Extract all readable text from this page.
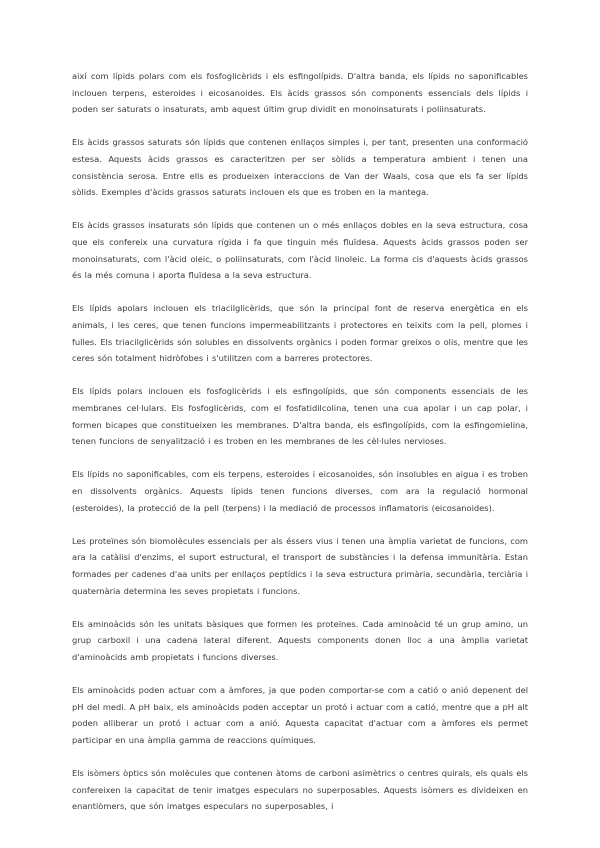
així com lípids polars com els fosfoglicèrids i els esfingolípids. D'altra banda, els lípids no saponificables inclouen terpens, esteroides i eicosanoides. Els àcids grassos són components essencials dels lípids i poden ser saturats o insaturats, amb aquest últim grup dividit en monoinsaturats i poliinsaturats.

Els àcids grassos saturats són lípids que contenen enllaços simples i, per tant, presenten una conformació estesa. Aquests àcids grassos es caracteritzen per ser sòlids a temperatura ambient i tenen una consistència serosa. Entre ells es produeixen interaccions de Van der Waals, cosa que els fa ser lípids sòlids. Exemples d'àcids grassos saturats inclouen els que es troben en la mantega.

Els àcids grassos insaturats són lípids que contenen un o més enllaços dobles en la seva estructura, cosa que els confereix una curvatura rígida i fa que tinguin més fluïdesa. Aquests àcids grassos poden ser monoinsaturats, com l'àcid oleic, o poliinsaturats, com l'àcid linoleic. La forma cis d'aquests àcids grassos és la més comuna i aporta fluïdesa a la seva estructura.

Els lípids apolars inclouen els triacilglicèrids, que són la principal font de reserva energètica en els animals, i les ceres, que tenen funcions impermeabilitzants i protectores en teixits com la pell, plomes i fulles. Els triacilglicèrids són solubles en dissolvents orgànics i poden formar greixos o olis, mentre que les ceres són totalment hidròfobes i s'utilitzen com a barreres protectores.

Els lípids polars inclouen els fosfoglicèrids i els esfingolípids, que són components essencials de les membranes cel·lulars. Els fosfoglicèrids, com el fosfatidilcolina, tenen una cua apolar i un cap polar, i formen bicapes que constitueixen les membranes. D'altra banda, els esfingolípids, com la esfingomielina, tenen funcions de senyalització i es troben en les membranes de les cèl·lules nervioses.

Els lípids no saponificables, com els terpens, esteroides i eicosanoides, són insolubles en aigua i es troben en dissolvents orgànics. Aquests lípids tenen funcions diverses, com ara la regulació hormonal (esteroides), la protecció de la pell (terpens) i la mediació de processos inflamatoris (eicosanoides).

Les proteïnes són biomolècules essencials per als éssers vius i tenen una àmplia varietat de funcions, com ara la catàlisi d'enzims, el suport estructural, el transport de substàncies i la defensa immunitària. Estan formades per cadenes d'aa units per enllaços peptídics i la seva estructura primària, secundària, terciària i quaternària determina les seves propietats i funcions.

Els aminoàcids són les unitats bàsiques que formen les proteïnes. Cada aminoàcid té un grup amino, un grup carboxil i una cadena lateral diferent. Aquests components donen lloc a una àmplia varietat d'aminoàcids amb propietats i funcions diverses.

Els aminoàcids poden actuar com a àmfores, ja que poden comportar-se com a catió o anió depenent del pH del medi. A pH baix, els aminoàcids poden acceptar un protó i actuar com a catió, mentre que a pH alt poden alliberar un protó i actuar com a anió. Aquesta capacitat d'actuar com a àmfores els permet participar en una àmplia gamma de reaccions químiques.

Els isòmers òptics són molècules que contenen àtoms de carboni asimètrics o centres quirals, els quals els confereixen la capacitat de tenir imatges especulars no superposables. Aquests isòmers es divideixen en enantiòmers, que són imatges especulars no superposables, i
